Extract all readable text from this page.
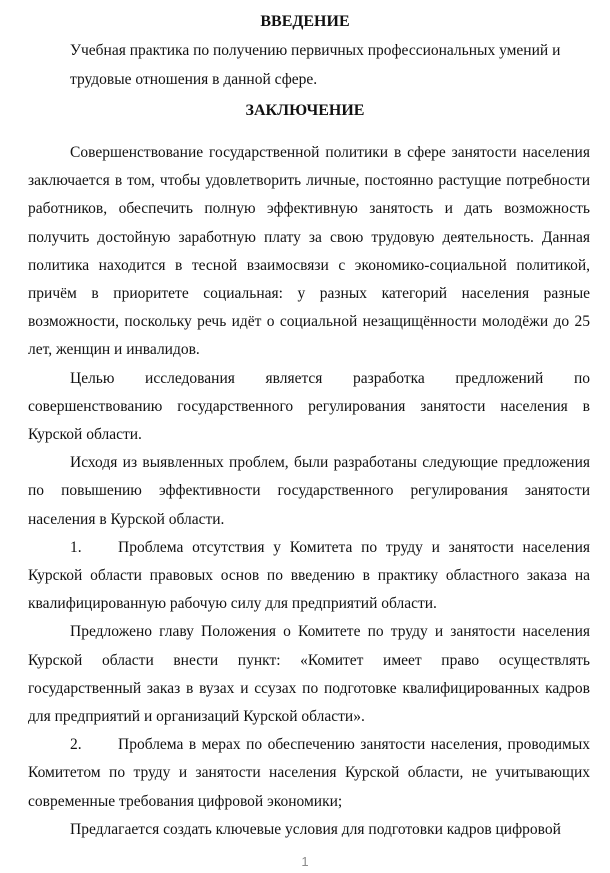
ВВЕДЕНИЕ
Учебная практика по получению первичных профессиональных умений и трудовые отношения в данной сфере.
ЗАКЛЮЧЕНИЕ

Совершенствование государственной политики в сфере занятости населения заключается в том, чтобы удовлетворить личные, постоянно растущие потребности работников, обеспечить полную эффективную занятость и дать возможность получить достойную заработную плату за свою трудовую деятельность. Данная политика находится в тесной взаимосвязи с экономико-социальной политикой, причём в приоритете социальная: у разных категорий населения разные возможности, поскольку речь идёт о социальной незащищённости молодёжи до 25 лет, женщин и инвалидов.

Целью исследования является разработка предложений по совершенствованию государственного регулирования занятости населения в Курской области.

Исходя из выявленных проблем, были разработаны следующие предложения по повышению эффективности государственного регулирования занятости населения в Курской области.

1. Проблема отсутствия у Комитета по труду и занятости населения Курской области правовых основ по введению в практику областного заказа на квалифицированную рабочую силу для предприятий области.

Предложено главу Положения о Комитете по труду и занятости населения Курской области внести пункт: «Комитет имеет право осуществлять государственный заказ в вузах и ссузах по подготовке квалифицированных кадров для предприятий и организаций Курской области».

2. Проблема в мерах по обеспечению занятости населения, проводимых Комитетом по труду и занятости населения Курской области, не учитывающих современные требования цифровой экономики;

Предлагается создать ключевые условия для подготовки кадров цифровой

1
